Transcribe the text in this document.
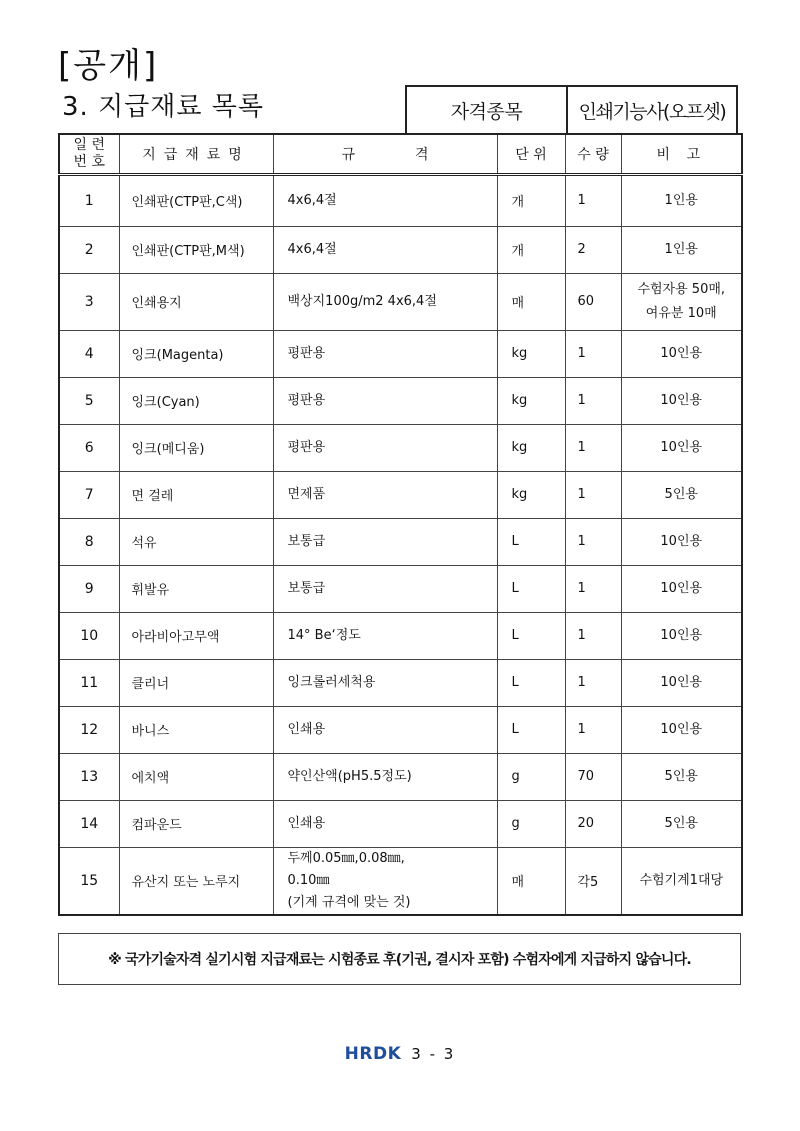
[공개]
3. 지급재료 목록	자격종목	인쇄기능사(오프셋)
일 련
번 호	지급재료명	규격	단 위	수 량	비 고
1	인쇄판(CTP판,C색)	4x6,4절	개	1	1인용
2	인쇄판(CTP판,M색)	4x6,4절	개	2	1인용
3	인쇄용지	백상지100g/m2 4x6,4절	매	60	수험자용 50매,
여유분 10매

4	잉크(Magenta)	평판용	kg	1	10인용
5	잉크(Cyan)	평판용	kg	1	10인용
6	잉크(메디움)	평판용	kg	1	10인용
7	면 걸레	면제품	kg	1	5인용
8	석유	보통급	L	1	10인용
9	휘발유	보통급	L	1	10인용
10	아라비아고무액	14° Be‘정도	L	1	10인용
11	클리너	잉크롤러세척용	L	1	10인용
12	바니스	인쇄용	L	1	10인용
13	에치액	약인산액(pH5.5정도)	g	70	5인용
14	컴파운드	인쇄용	g	20	5인용
15	유산지 또는 노루지	두께0.05㎜,0.08㎜,
0.10㎜
(기계 규격에 맞는 것)	매	각5	수험기계1대당
※ 국가기술자격 실기시험 지급재료는 시험종료 후(기권, 결시자 포함) 수험자에게 지급하지 않습니다.
HRDK 3 - 3
